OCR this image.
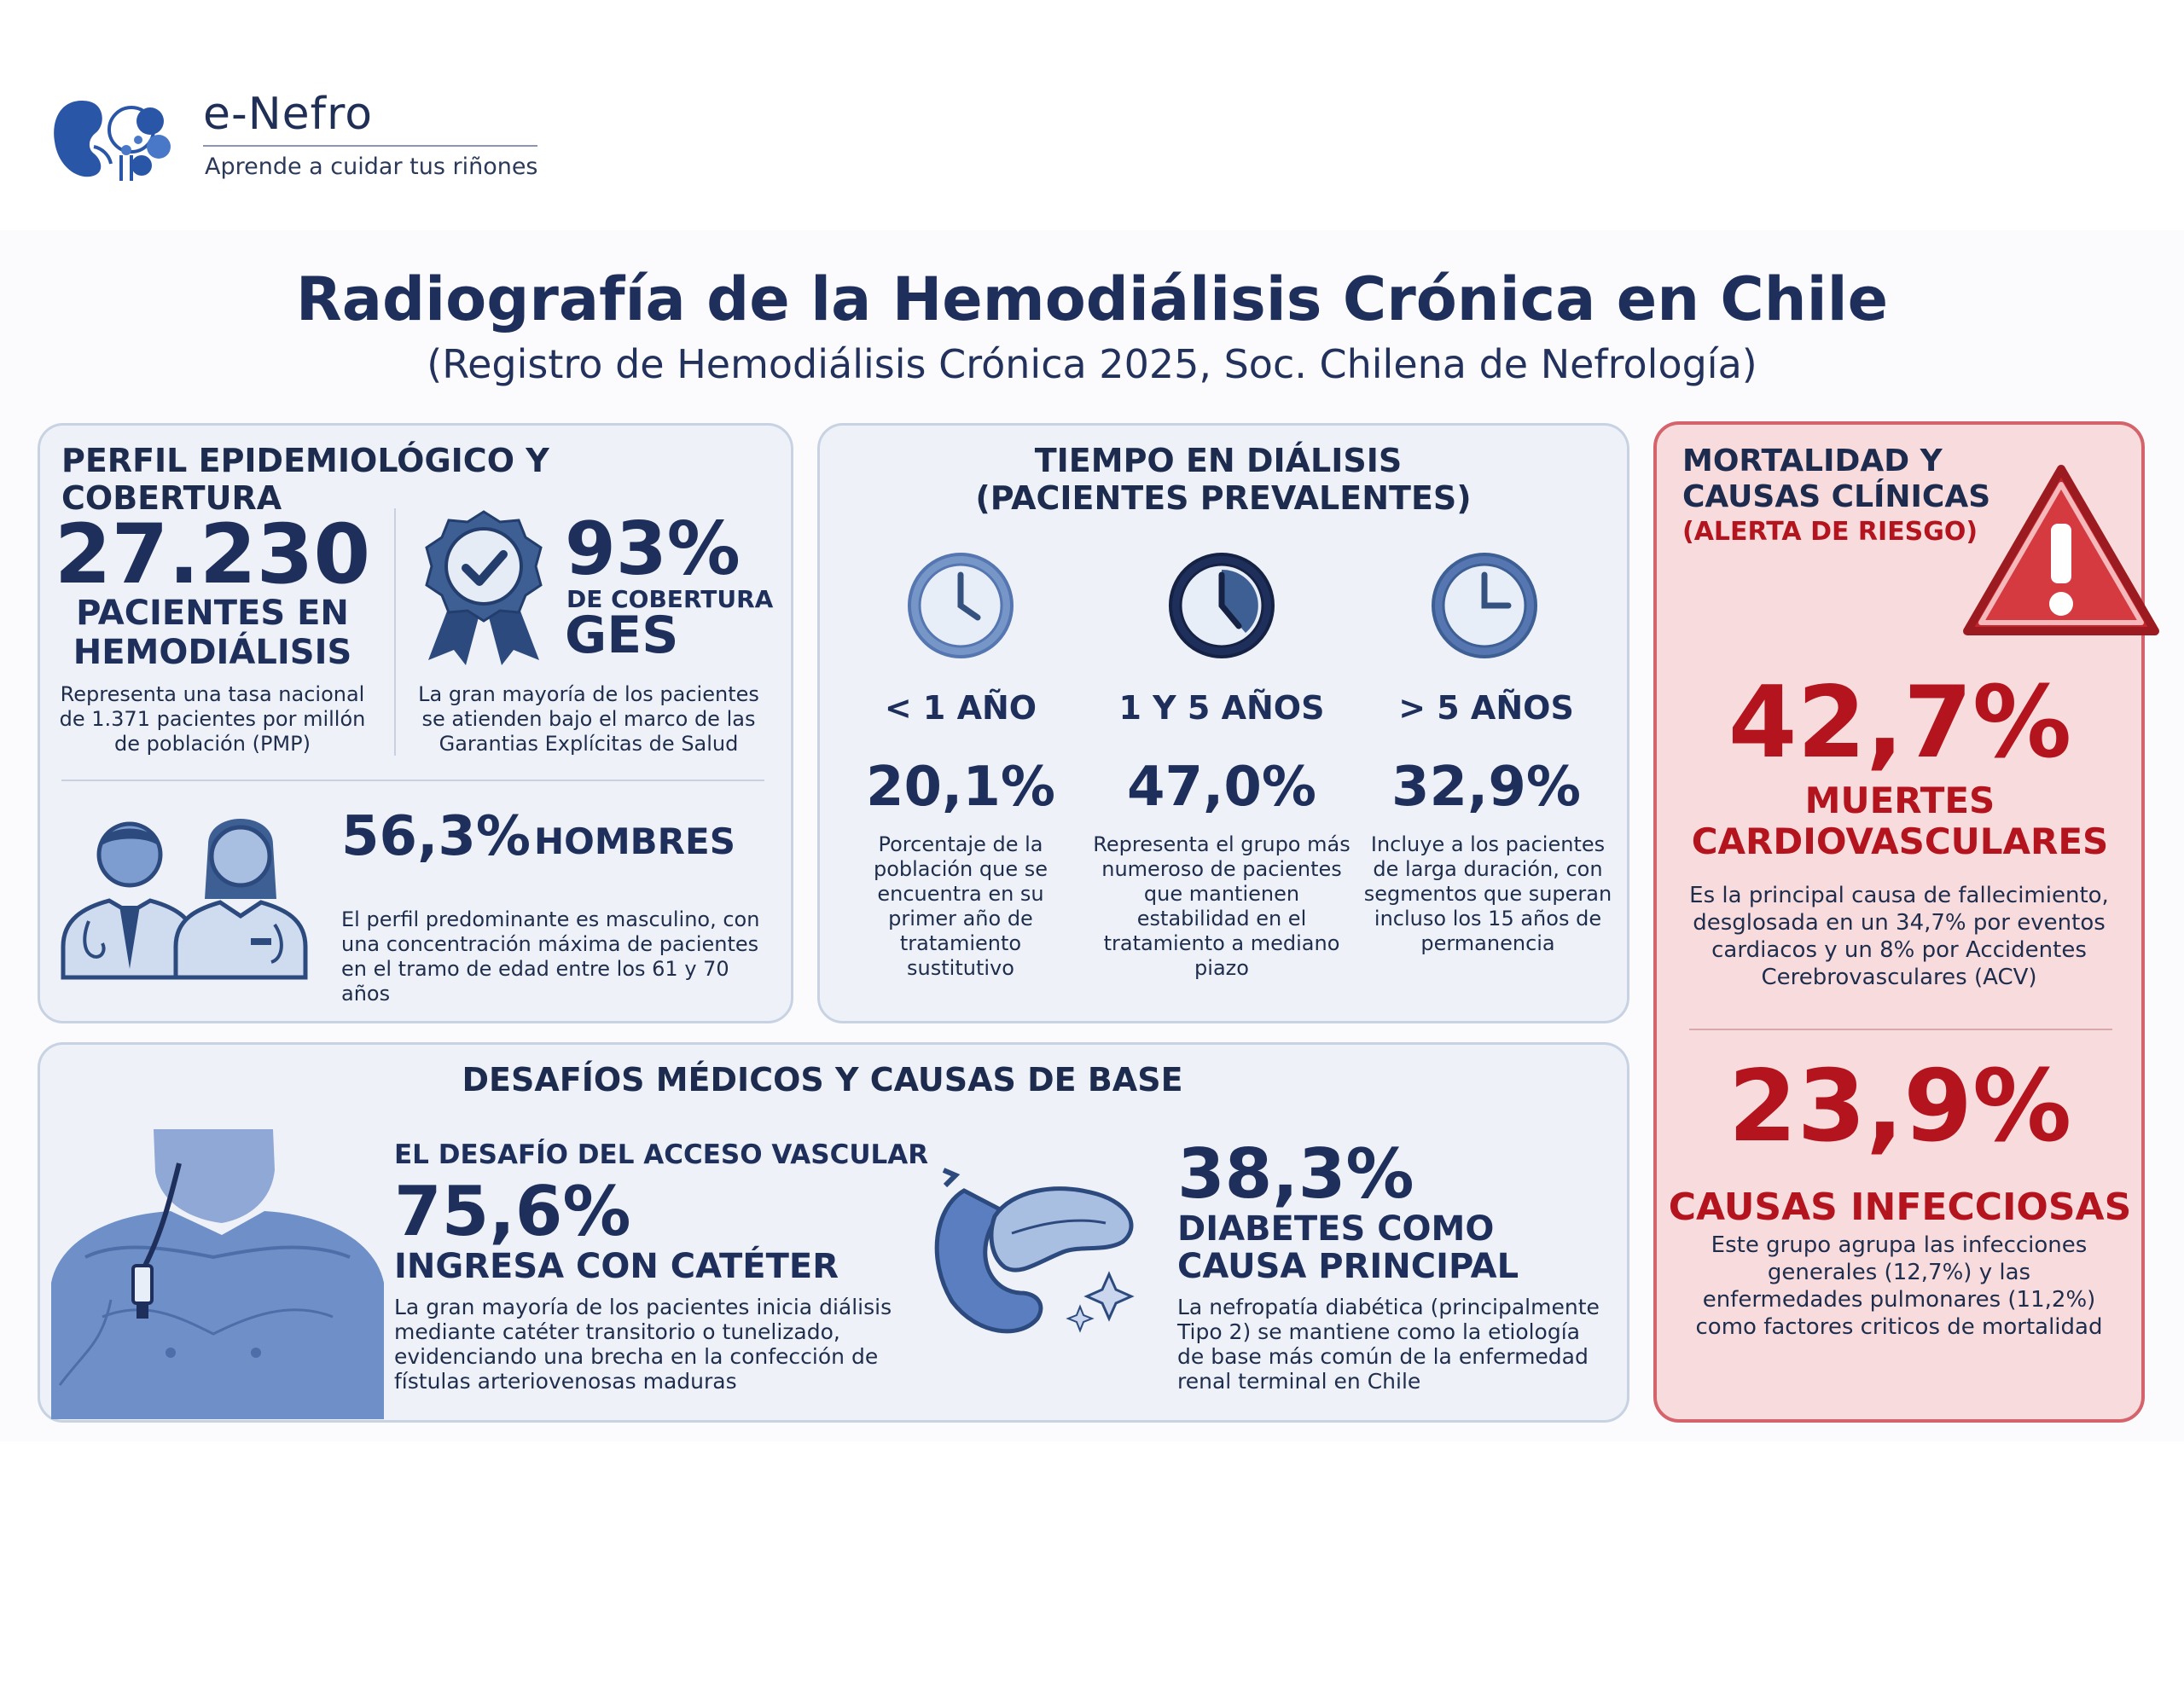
e-Nefro
Aprende a cuidar tus riñones
Radiografía de la Hemodiálisis Crónica en Chile
(Registro de Hemodiálisis Crónica 2025, Soc. Chilena de Nefrología)
PERFIL EPIDEMIOLÓGICO Y COBERTURA
27.230
PACIENTES EN
HEMODIÁLISIS
Representa una tasa nacional de 1.371 pacientes por millón de población (PMP)
93%
DE COBERTURA
GES
La gran mayoría de los pacientes se atienden bajo el marco de las Garantias Explícitas de Salud
56,3% HOMBRES
El perfil predominante es masculino, con una concentración máxima de pacientes en el tramo de edad entre los 61 y 70 años
TIEMPO EN DIÁLISIS
(PACIENTES PREVALENTES)
< 1 AÑO
20,1%
Porcentaje de la población que se encuentra en su primer año de tratamiento sustitutivo
1 Y 5 AÑOS
47,0%
Representa el grupo más numeroso de pacientes que mantienen estabilidad en el tratamiento a mediano piazo
> 5 AÑOS
32,9%
Incluye a los pacientes de larga duración, con segmentos que superan incluso los 15 años de permanencia
MORTALIDAD Y
CAUSAS CLÍNICAS
(ALERTA DE RIESGO)
42,7%
MUERTES
CARDIOVASCULARES
Es la principal causa de fallecimiento, desglosada en un 34,7% por eventos cardiacos y un 8% por Accidentes Cerebrovasculares (ACV)
23,9%
CAUSAS INFECCIOSAS
Este grupo agrupa las infecciones generales (12,7%) y las enfermedades pulmonares (11,2%) como factores criticos de mortalidad
DESAFÍOS MÉDICOS Y CAUSAS DE BASE
EL DESAFÍO DEL ACCESO VASCULAR
75,6%
INGRESA CON CATÉTER
La gran mayoría de los pacientes inicia diálisis mediante catéter transitorio o tunelizado, evidenciando una brecha en la confección de fístulas arteriovenosas maduras
38,3%
DIABETES COMO
CAUSA PRINCIPAL
La nefropatía diabética (principalmente Tipo 2) se mantiene como la etiología de base más común de la enfermedad renal terminal en Chile
